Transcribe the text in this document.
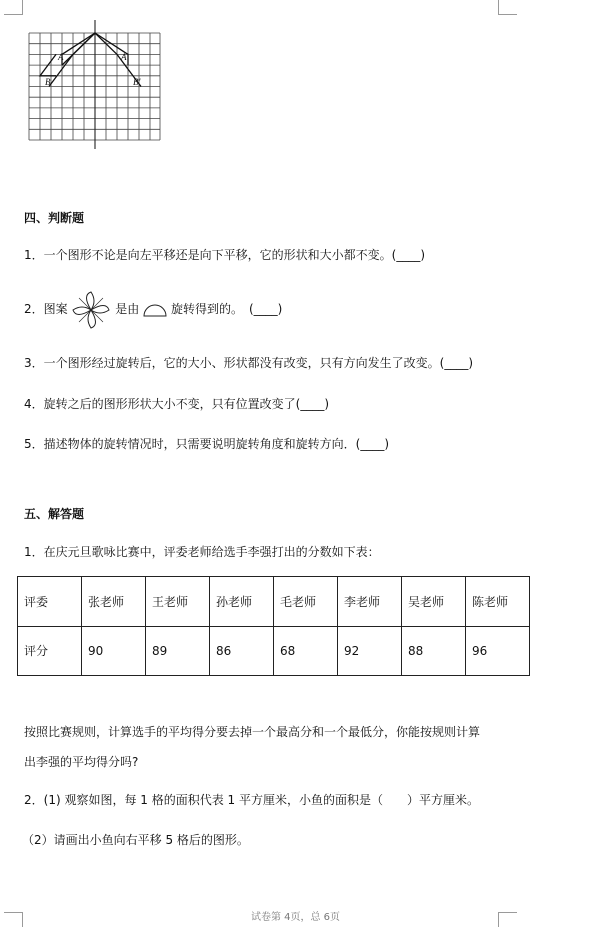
A	A'
B	B'
四、判断题
1．一个图形不论是向左平移还是向下平移，它的形状和大小都不变。(____)
2．图案	是由	旋转得到的。　(____)
3．一个图形经过旋转后，它的大小、形状都没有改变，只有方向发生了改变。(____)
4．旋转之后的图形形状大小不变，只有位置改变了(____)
5．描述物体的旋转情况时，只需要说明旋转角度和旋转方向．(____)
五、解答题
1．在庆元旦歌咏比赛中，评委老师给选手李强打出的分数如下表：
评委	张老师	王老师	孙老师	毛老师	李老师	吴老师	陈老师
评分	90	89	86	68	92	88	96
按照比赛规则，计算选手的平均得分要去掉一个最高分和一个最低分，你能按规则计算
出李强的平均得分吗?
2．(1) 观察如图，每 1 格的面积代表 1 平方厘米，小鱼的面积是（　　）平方厘米。
（2）请画出小鱼向右平移 5 格后的图形。
试卷第 4页，总 6页
